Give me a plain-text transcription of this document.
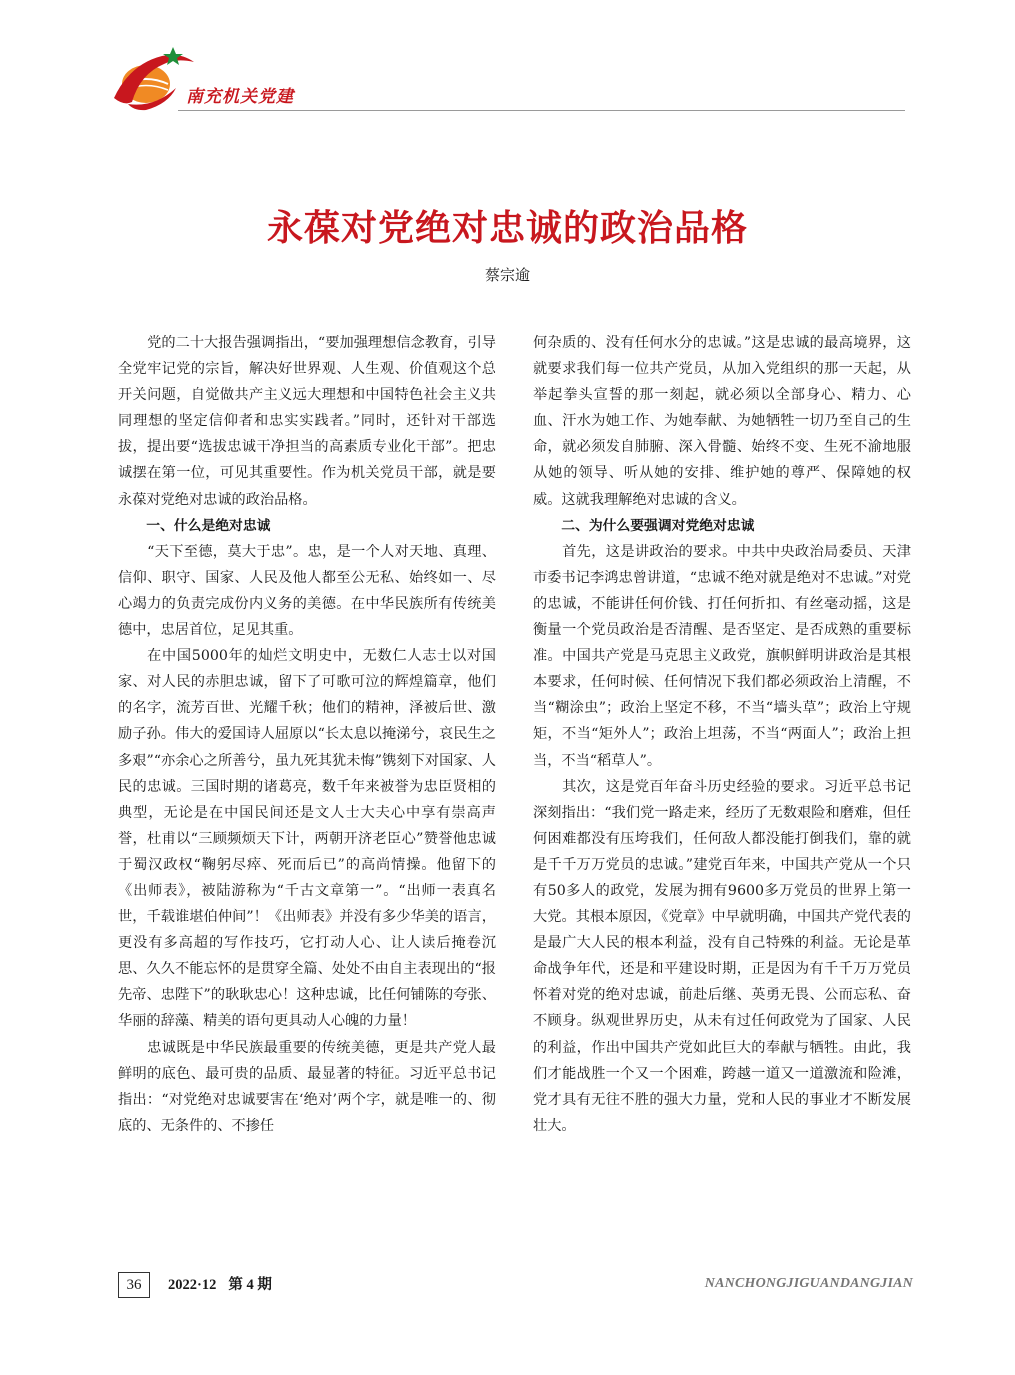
南充机关党建
永葆对党绝对忠诚的政治品格
蔡宗逾

党的二十大报告强调指出，“要加强理想信念教育，引导全党牢记党的宗旨，解决好世界观、人生观、价值观这个总开关问题，自觉做共产主义远大理想和中国特色社会主义共同理想的坚定信仰者和忠实实践者。”同时，还针对干部选拔，提出要“选拔忠诚干净担当的高素质专业化干部”。把忠诚摆在第一位，可见其重要性。作为机关党员干部，就是要永葆对党绝对忠诚的政治品格。

一、什么是绝对忠诚

“天下至德，莫大于忠”。忠，是一个人对天地、真理、信仰、职守、国家、人民及他人都至公无私、始终如一、尽心竭力的负责完成份内义务的美德。在中华民族所有传统美德中，忠居首位，足见其重。

在中国5000年的灿烂文明史中，无数仁人志士以对国家、对人民的赤胆忠诚，留下了可歌可泣的辉煌篇章，他们的名字，流芳百世、光耀千秋；他们的精神，泽被后世、激励子孙。伟大的爱国诗人屈原以“长太息以掩涕兮，哀民生之多艰”“亦余心之所善兮，虽九死其犹未悔”镌刻下对国家、人民的忠诚。三国时期的诸葛亮，数千年来被誉为忠臣贤相的典型，无论是在中国民间还是文人士大夫心中享有崇高声誉，杜甫以“三顾频烦天下计，两朝开济老臣心”赞誉他忠诚于蜀汉政权“鞠躬尽瘁、死而后已”的高尚情操。他留下的《出师表》，被陆游称为“千古文章第一”。“出师一表真名世，千载谁堪伯仲间”！《出师表》并没有多少华美的语言，更没有多高超的写作技巧，它打动人心、让人读后掩卷沉思、久久不能忘怀的是贯穿全篇、处处不由自主表现出的“报先帝、忠陛下”的耿耿忠心！这种忠诚，比任何铺陈的夸张、华丽的辞藻、精美的语句更具动人心魄的力量！

忠诚既是中华民族最重要的传统美德，更是共产党人最鲜明的底色、最可贵的品质、最显著的特征。习近平总书记指出：“对党绝对忠诚要害在‘绝对’两个字，就是唯一的、彻底的、无条件的、不掺任

何杂质的、没有任何水分的忠诚。”这是忠诚的最高境界，这就要求我们每一位共产党员，从加入党组织的那一天起，从举起拳头宣誓的那一刻起，就必须以全部身心、精力、心血、汗水为她工作、为她奉献、为她牺牲一切乃至自己的生命，就必须发自肺腑、深入骨髓、始终不变、生死不渝地服从她的领导、听从她的安排、维护她的尊严、保障她的权威。这就我理解绝对忠诚的含义。

二、为什么要强调对党绝对忠诚

首先，这是讲政治的要求。中共中央政治局委员、天津市委书记李鸿忠曾讲道，“忠诚不绝对就是绝对不忠诚。”对党的忠诚，不能讲任何价钱、打任何折扣、有丝毫动摇，这是衡量一个党员政治是否清醒、是否坚定、是否成熟的重要标准。中国共产党是马克思主义政党，旗帜鲜明讲政治是其根本要求，任何时候、任何情况下我们都必须政治上清醒，不当“糊涂虫”；政治上坚定不移，不当“墙头草”；政治上守规矩，不当“矩外人”；政治上坦荡，不当“两面人”；政治上担当，不当“稻草人”。

其次，这是党百年奋斗历史经验的要求。习近平总书记深刻指出：“我们党一路走来，经历了无数艰险和磨难，但任何困难都没有压垮我们，任何敌人都没能打倒我们，靠的就是千千万万党员的忠诚。”建党百年来，中国共产党从一个只有50多人的政党，发展为拥有9600多万党员的世界上第一大党。其根本原因，《党章》中早就明确，中国共产党代表的是最广大人民的根本利益，没有自己特殊的利益。无论是革命战争年代，还是和平建设时期，正是因为有千千万万党员怀着对党的绝对忠诚，前赴后继、英勇无畏、公而忘私、奋不顾身。纵观世界历史，从未有过任何政党为了国家、人民的利益，作出中国共产党如此巨大的奉献与牺牲。由此，我们才能战胜一个又一个困难，跨越一道又一道激流和险滩，党才具有无往不胜的强大力量，党和人民的事业才不断发展壮大。

36	2022·12 第 4 期	NANCHONGJIGUANDANGJIAN
